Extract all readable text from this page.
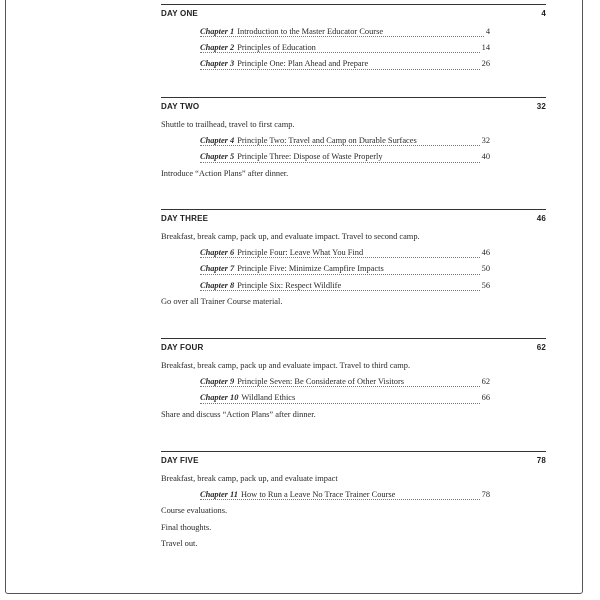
DAY ONE	4
Chapter 1 Introduction to the Master Educator Course	4
Chapter 2 Principles of Education	14
Chapter 3 Principle One: Plan Ahead and Prepare	26
DAY TWO	32
Shuttle to trailhead, travel to first camp.
Chapter 4 Principle Two: Travel and Camp on Durable Surfaces	32
Chapter 5 Principle Three: Dispose of Waste Properly	40
Introduce “Action Plans” after dinner.
DAY THREE	46
Breakfast, break camp, pack up, and evaluate impact. Travel to second camp.
Chapter 6 Principle Four: Leave What You Find	46
Chapter 7 Principle Five: Minimize Campfire Impacts	50
Chapter 8 Principle Six: Respect Wildlife	56
Go over all Trainer Course material.
DAY FOUR	62
Breakfast, break camp, pack up and evaluate impact. Travel to third camp.
Chapter 9 Principle Seven: Be Considerate of Other Visitors	62
Chapter 10 Wildland Ethics	66
Share and discuss “Action Plans” after dinner.
DAY FIVE	78
Breakfast, break camp, pack up, and evaluate impact
Chapter 11 How to Run a Leave No Trace Trainer Course	78
Course evaluations.
Final thoughts.
Travel out.
